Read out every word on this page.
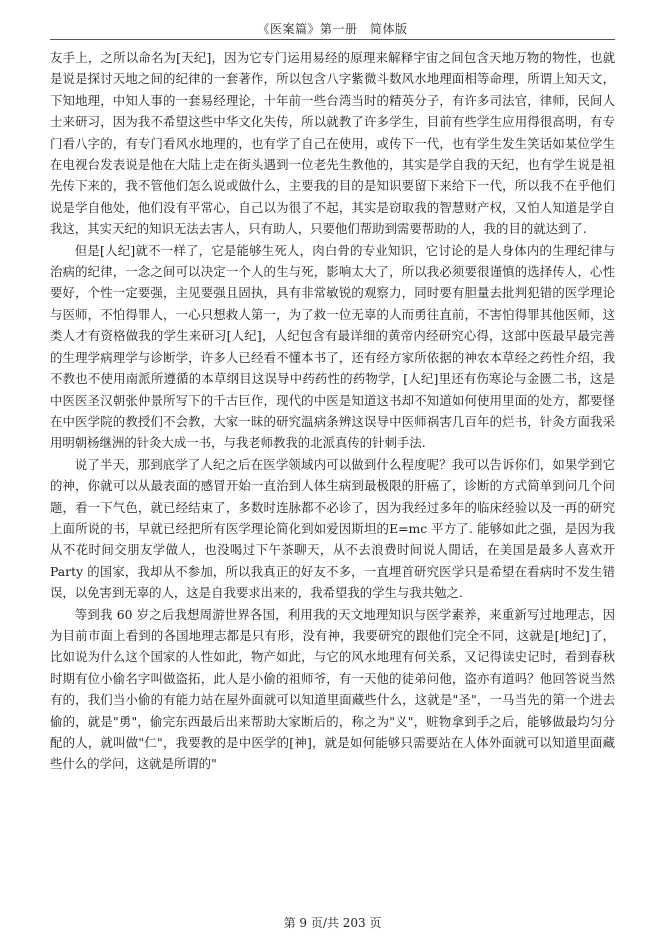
《医案篇》第一册　简体版

友手上，之所以命名为[天纪]，因为它专门运用易经的原理来解释宇宙之间包含天地万物的物性，也就是说是探讨天地之间的纪律的一套著作，所以包含八字紫微斗数风水地理面相等命理，所谓上知天文，下知地理，中知人事的一套易经理论，十年前一些台湾当时的精英分子，有许多司法官，律师，民间人士来研习，因为我不希望这些中华文化失传，所以就教了许多学生，目前有些学生应用得很高明，有专门看八字的，有专门看风水地理的，也有学了自己在使用，或传下一代，也有学生发生笑话如某位学生在电视台发表说是他在大陆上走在街头遇到一位老先生教他的，其实是学自我的天纪，也有学生说是祖先传下来的，我不管他们怎么说或做什么，主要我的目的是知识要留下来给下一代，所以我不在乎他们说是学自他处，他们没有平常心，自己以为很了不起，其实是窃取我的智慧财产权，又怕人知道是学自我这，其实天纪的知识无法去害人，只有助人，只要他们帮助到需要帮助的人，我的目的就达到了.

但是[人纪]就不一样了，它是能够生死人，肉白骨的专业知识，它讨论的是人身体内的生理纪律与治病的纪律，一念之间可以决定一个人的生与死，影响太大了，所以我必须要很谨慎的选择传人，心性要好，个性一定要强，主见要强且固执，具有非常敏锐的观察力，同时要有胆量去批判犯错的医学理论与医师，不怕得罪人，一心只想救人第一，为了救一位无辜的人而勇往直前，不害怕得罪其他医师，这类人才有资格做我的学生来研习[人纪]，人纪包含有最详细的黄帝内经研究心得，这部中医最早最完善的生理学病理学与诊断学，许多人已经看不懂本书了，还有经方家所依据的神农本草经之药性介绍，我不教也不使用南派所遵循的本草纲目这误导中药药性的药物学，[人纪]里还有伤寒论与金匮二书，这是中医医圣汉朝张仲景所写下的千古巨作，现代的中医是知道这书却不知道如何使用里面的处方，都要怪在中医学院的教授们不会教，大家一昧的研究温病条辨这误导中医师祸害几百年的烂书，针灸方面我采用明朝杨继洲的针灸大成一书，与我老师教我的北派真传的针刺手法.

说了半天，那到底学了人纪之后在医学领域内可以做到什么程度呢？我可以告诉你们，如果学到它的神，你就可以从最表面的感冒开始一直治到人体生病到最极限的肝癌了，诊断的方式简单到问几个问题，看一下气色，就已经结束了，多数时连脉都不必诊了，因为我经过多年的临床经验以及一再的研究上面所说的书，早就已经把所有医学理论简化到如爱因斯坦的E=mc 平方了. 能够如此之强，是因为我从不花时间交朋友学做人，也没喝过下午茶聊天，从不去浪费时间说人閒话，在美国是最多人喜欢开 Party 的国家，我却从不参加，所以我真正的好友不多，一直埋首研究医学只是希望在看病时不发生错误，以免害到无辜的人，这是自我要求出来的，我希望我的学生与我共勉之.

等到我 60 岁之后我想周游世界各国，利用我的天文地理知识与医学素养，来重新写过地理志，因为目前市面上看到的各国地理志都是只有形，没有神，我要研究的跟他们完全不同，这就是[地纪]了，比如说为什么这个国家的人性如此，物产如此，与它的风水地理有何关系，又记得读史记时，看到春秋时期有位小偷名字叫做盗拓，此人是小偷的祖师爷，有一天他的徒弟问他，盗亦有道吗？他回答说当然有的，我们当小偷的有能力站在屋外面就可以知道里面藏些什么，这就是"圣"，一马当先的第一个进去偷的，就是"勇"，偷完东西最后出来帮助大家断后的，称之为"义"，赃物拿到手之后，能够做最均匀分配的人，就叫做"仁"，我要教的是中医学的[神]，就是如何能够只需要站在人体外面就可以知道里面藏些什么的学问，这就是所谓的"

第 9 页/共 203 页
